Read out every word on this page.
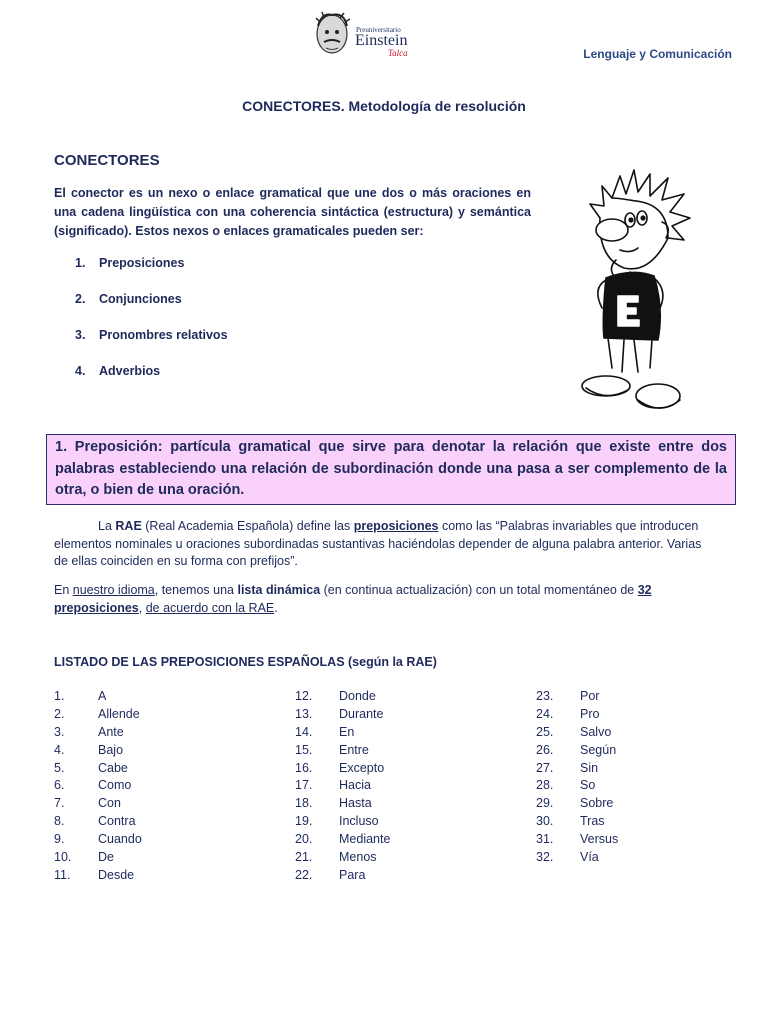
Preuniversitario
Einstein
Talca	Lenguaje y Comunicación
CONECTORES. Metodología de resolución
CONECTORES
El conector es un nexo o enlace gramatical que une dos o más oraciones en una cadena lingüística con una coherencia sintáctica (estructura) y semántica (significado). Estos nexos o enlaces gramaticales pueden ser:
1.	Preposiciones
2.	Conjunciones
3.	Pronombres relativos
4.	Adverbios
1. Preposición: partícula gramatical que sirve para denotar la relación que existe entre dos palabras estableciendo una relación de subordinación donde una pasa a ser complemento de la otra, o bien de una oración.

La RAE (Real Academia Española) define las preposiciones como las “Palabras invariables que introducen elementos nominales u oraciones subordinadas sustantivas haciéndolas depender de alguna palabra anterior. Varias de ellas coinciden en su forma con prefijos”.

En nuestro idioma, tenemos una lista dinámica (en continua actualización) con un total momentáneo de 32 preposiciones, de acuerdo con la RAE.

LISTADO DE LAS PREPOSICIONES ESPAÑOLAS (según la RAE)
1.	A
2.	Allende
3.	Ante
4.	Bajo
5.	Cabe
6.	Como
7.	Con
8.	Contra
9.	Cuando
10.	De
11.	Desde
12.	Donde
13.	Durante
14.	En
15.	Entre
16.	Excepto
17.	Hacia
18.	Hasta
19.	Incluso
20.	Mediante
21.	Menos
22.	Para
23.	Por
24.	Pro
25.	Salvo
26.	Según
27.	Sin
28.	So
29.	Sobre
30.	Tras
31.	Versus
32.	Vía
